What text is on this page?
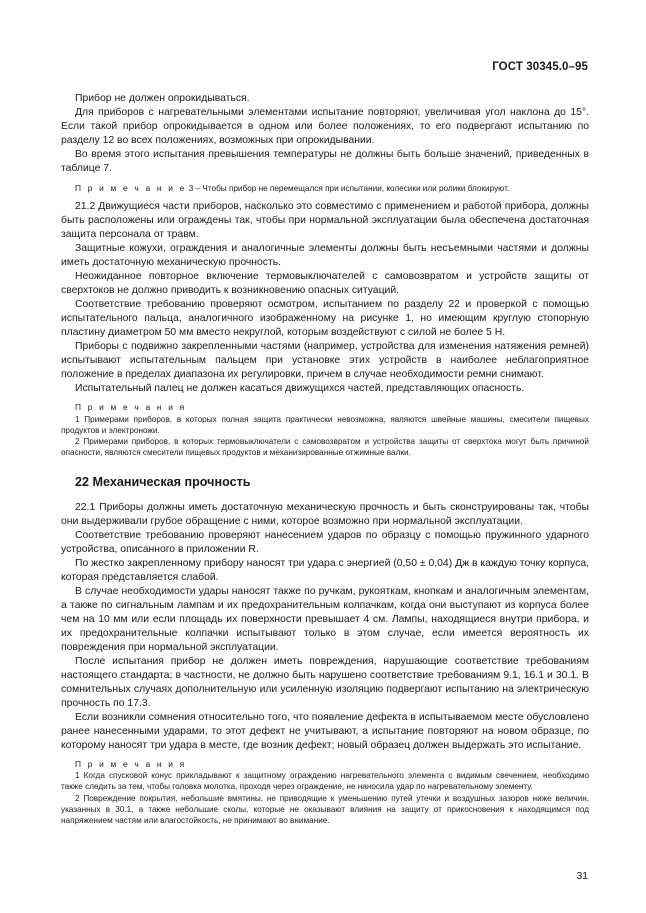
ГОСТ 30345.0–95

Прибор не должен опрокидываться.

Для приборов с нагревательными элементами испытание повторяют, увеличивая угол наклона до 15°. Если такой прибор опрокидывается в одном или более положениях, то его подвергают испытанию по разделу 12 во всех положениях, возможных при опрокидывании.

Во время этого испытания превышения температуры не должны быть больше значений, приведенных в таблице 7.

П р и м е ч а н и е 3 – Чтобы прибор не перемещался при испытании, колесики или ролики блокируют.

21.2 Движущиеся части приборов, насколько это совместимо с применением и работой прибора, должны быть расположены или ограждены так, чтобы при нормальной эксплуатации была обеспечена достаточная защита персонала от травм.

Защитные кожухи, ограждения и аналогичные элементы должны быть несъемными частями и должны иметь достаточную механическую прочность.

Неожиданное повторное включение термовыключателей с самовозвратом и устройств защиты от сверхтоков не должно приводить к возникновению опасных ситуаций.

Соответствие требованию проверяют осмотром, испытанием по разделу 22 и проверкой с помощью испытательного пальца, аналогичного изображенному на рисунке 1, но имеющим круглую стопорную пластину диаметром 50 мм вместо некруглой, которым воздействуют с силой не более 5 Н.

Приборы с подвижно закрепленными частями (например, устройства для изменения натяжения ремней) испытывают испытательным пальцем при установке этих устройств в наиболее неблагоприятное положение в пределах диапазона их регулировки, причем в случае необходимости ремни снимают.

Испытательный палец не должен касаться движущихся частей, представляющих опасность.

П р и м е ч а н и я

1 Примерами приборов, в которых полная защита практически невозможна, являются швейные машины, смесители пищевых продуктов и электроножи.

2 Примерами приборов, в которых термовыключатели с самовозвратом и устройства защиты от сверхтока могут быть причиной опасности, являются смесители пищевых продуктов и механизированные отжимные валки.

22 Механическая прочность

22.1 Приборы должны иметь достаточную механическую прочность и быть сконструированы так, чтобы они выдерживали грубое обращение с ними, которое возможно при нормальной эксплуатации.

Соответствие требованию проверяют нанесением ударов по образцу с помощью пружинного ударного устройства, описанного в приложении R.

По жестко закрепленному прибору наносят три удара с энергией (0,50 ± 0,04) Дж в каждую точку корпуса, которая представляется слабой.

В случае необходимости удары наносят также по ручкам, рукояткам, кнопкам и аналогичным элементам, а также по сигнальным лампам и их предохранительным колпачкам, когда они выступают из корпуса более чем на 10 мм или если площадь их поверхности превышает 4 см. Лампы, находящиеся внутри прибора, и их предохранительные колпачки испытывают только в этом случае, если имеется вероятность их повреждения при нормальной эксплуатации.

После испытания прибор не должен иметь повреждения, нарушающие соответствие требованиям настоящего стандарта; в частности, не должно быть нарушено соответствие требованиям 9.1, 16.1 и 30.1. В сомнительных случаях дополнительную или усиленную изоляцию подвергают испытанию на электрическую прочность по 17.3.

Если возникли сомнения относительно того, что появление дефекта в испытываемом месте обусловлено ранее нанесенными ударами, то этот дефект не учитывают, а испытание повторяют на новом образце, по которому наносят три удара в месте, где возник дефект; новый образец должен выдержать это испытание.

П р и м е ч а н и я

1 Когда спусковой конус прикладывают к защитному ограждению нагревательного элемента с видимым свечением, необходимо также следить за тем, чтобы головка молотка, проходя через ограждение, не наносила удар по нагревательному элементу.

2 Повреждение покрытия, небольшие вмятины, не приводящие к уменьшению путей утечки и воздушных зазоров ниже величин, указанных в 30.1, а также небольшие сколы, которые не оказывают влияния на защиту от прикосновения к находящимся под напряжением частям или влагостойкость, не принимают во внимание.

31
